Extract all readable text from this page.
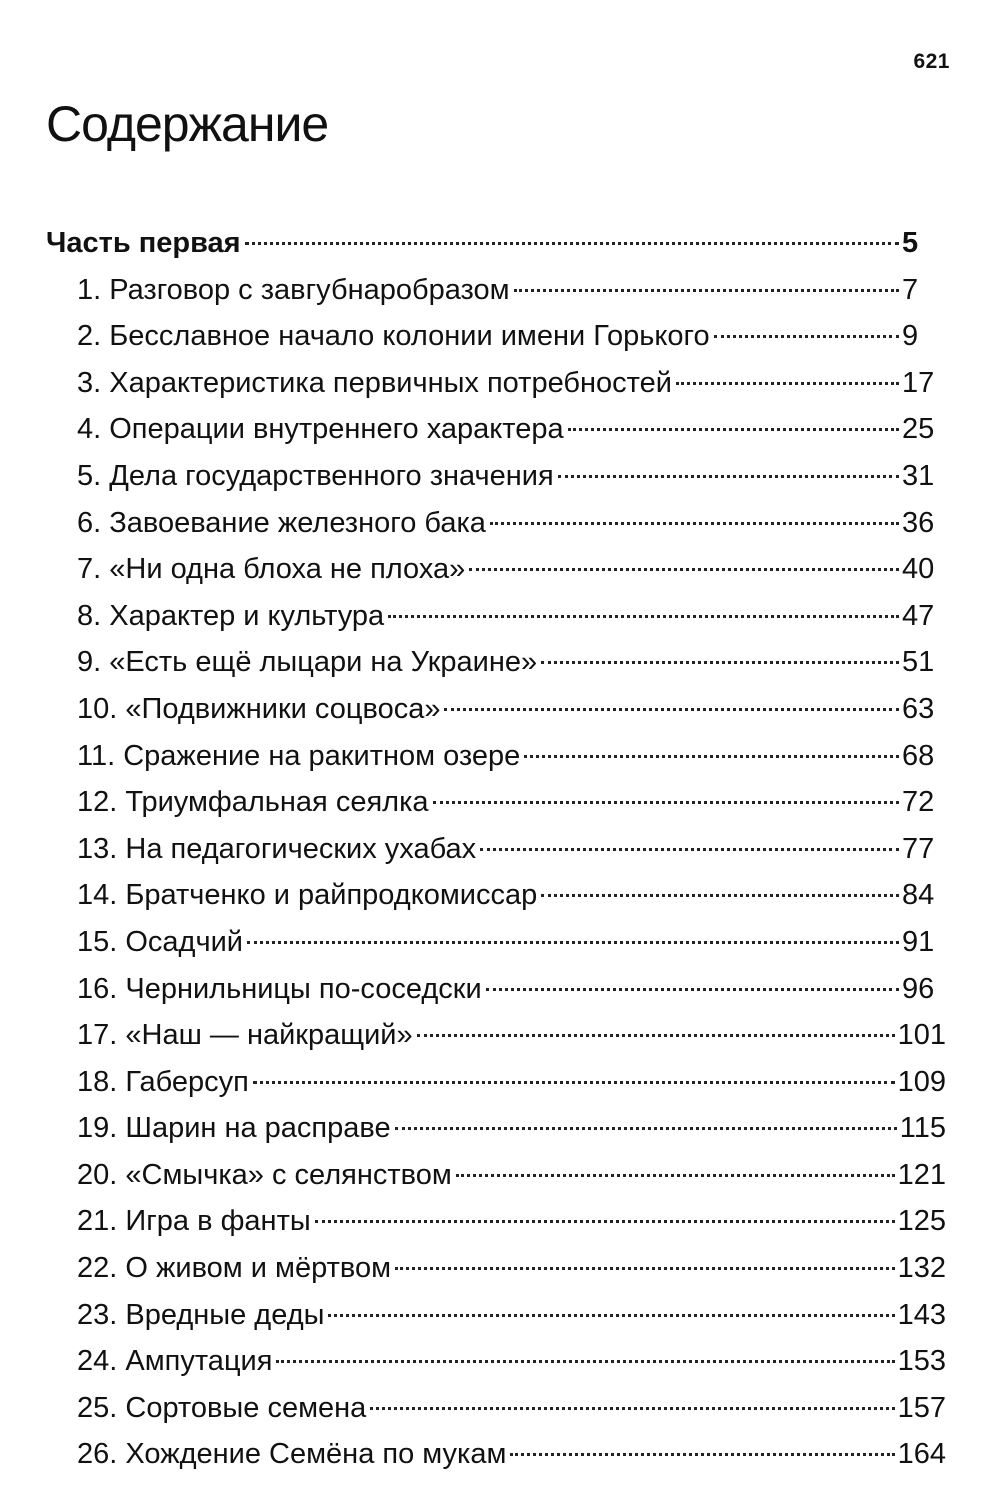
621
Содержание
Часть первая	5
1. Разговор с завгубнаробразом	7
2. Бесславное начало колонии имени Горького	9
3. Характеристика первичных потребностей	17
4. Операции внутреннего характера	25
5. Дела государственного значения	31
6. Завоевание железного бака	36
7. «Ни одна блоха не плоха»	40
8. Характер и культура	47
9. «Есть ещё лыцари на Украине»	51
10. «Подвижники соцвоса»	63
11. Сражение на ракитном озере	68
12. Триумфальная сеялка	72
13. На педагогических ухабах	77
14. Братченко и райпродкомиссар	84
15. Осадчий	91
16. Чернильницы по-соседски	96
17. «Наш — найкращий»	101
18. Габерсуп	109
19. Шарин на расправе	115
20. «Смычка» с селянством	121
21. Игра в фанты	125
22. О живом и мёртвом	132
23. Вредные деды	143
24. Ампутация	153
25. Сортовые семена	157
26. Хождение Семёна по мукам	164
